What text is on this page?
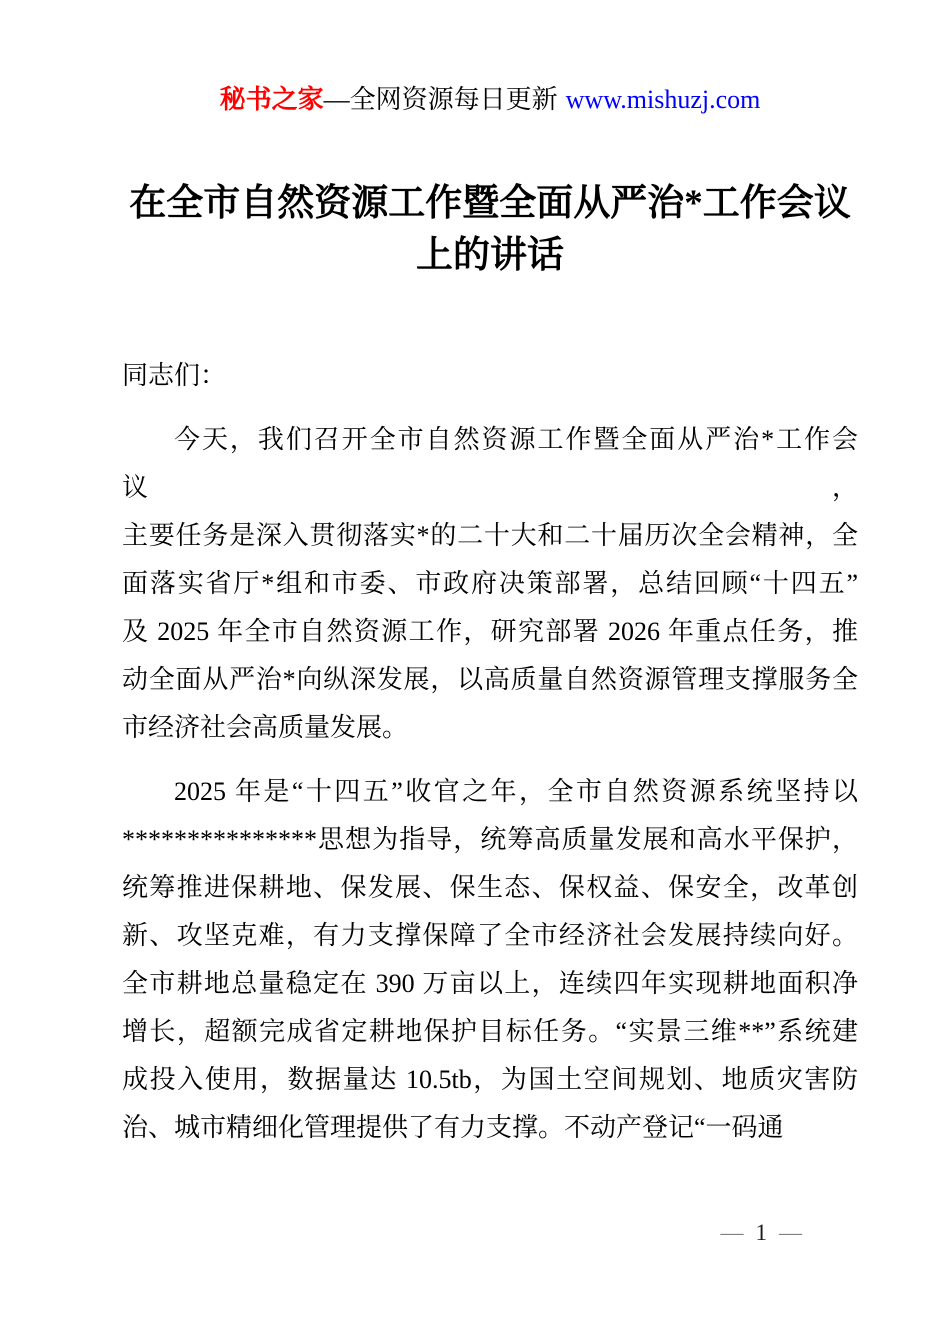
秘书之家—全网资源每日更新 www.mishuzj.com
在全市自然资源工作暨全面从严治*工作会议
上的讲话
同志们：
今天，我们召开全市自然资源工作暨全面从严治*工作会议，
主要任务是深入贯彻落实*的二十大和二十届历次全会精神，全
面落实省厅*组和市委、市政府决策部署，总结回顾“十四五”
及 2025 年全市自然资源工作，研究部署 2026 年重点任务，推
动全面从严治*向纵深发展，以高质量自然资源管理支撑服务全
市经济社会高质量发展。
2025 年是“十四五”收官之年，全市自然资源系统坚持以
***************思想为指导，统筹高质量发展和高水平保护，
统筹推进保耕地、保发展、保生态、保权益、保安全，改革创
新、攻坚克难，有力支撑保障了全市经济社会发展持续向好。
全市耕地总量稳定在 390 万亩以上，连续四年实现耕地面积净
增长，超额完成省定耕地保护目标任务。“实景三维**”系统建
成投入使用，数据量达 10.5tb，为国土空间规划、地质灾害防
治、城市精细化管理提供了有力支撑。不动产登记“一码通
— 1 —
